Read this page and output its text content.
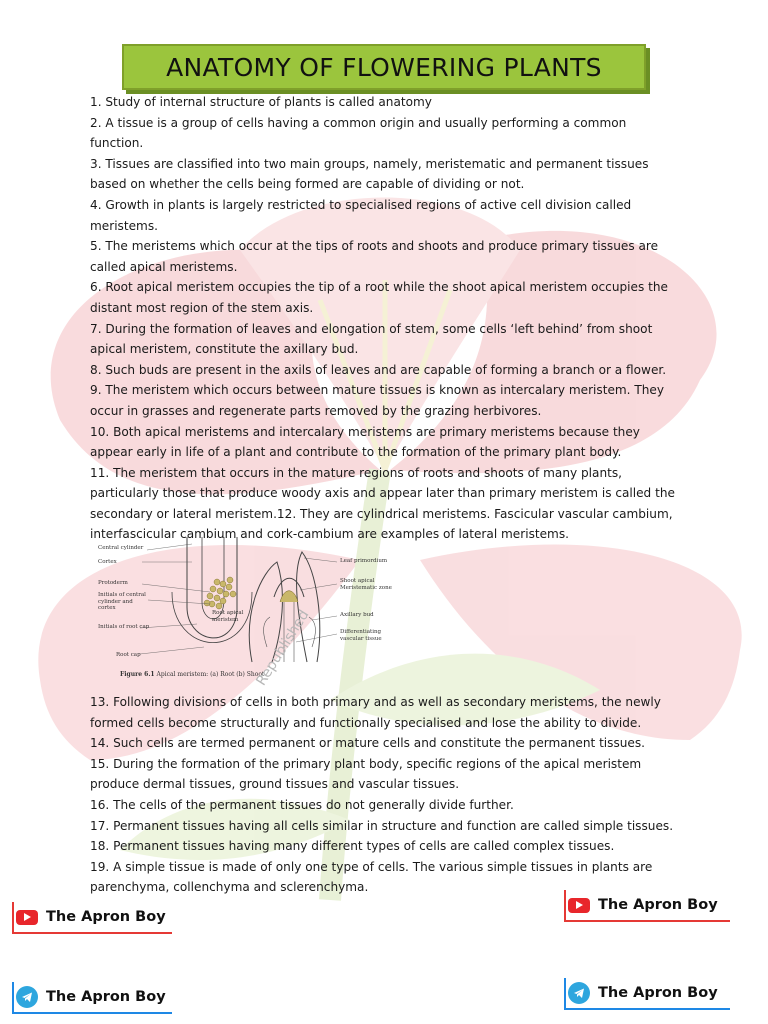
ANATOMY OF FLOWERING PLANTS

1. Study of internal structure of plants is called anatomy

2. A tissue is a group of cells having a common origin and usually performing a common function.

3. Tissues are classified into two main groups, namely, meristematic and permanent tissues based on whether the cells being formed are capable of dividing or not.

4. Growth in plants is largely restricted to specialised regions of active cell division called meristems.

5. The meristems which occur at the tips of roots and shoots and produce primary tissues are called apical meristems.

6. Root apical meristem occupies the tip of a root while the shoot apical meristem occupies the distant most region of the stem axis.

7. During the formation of leaves and elongation of stem, some cells ‘left behind’ from shoot apical meristem, constitute the axillary bud.

8. Such buds are present in the axils of leaves and are capable of forming a branch or a flower.

9. The meristem which occurs between mature tissues is known as intercalary meristem. They occur in grasses and regenerate parts removed by the grazing herbivores.

10. Both apical meristems and intercalary meristems are primary meristems because they appear early in life of a plant and contribute to the formation of the primary plant body.

11. The meristem that occurs in the mature regions of roots and shoots of many plants, particularly those that produce woody axis and appear later than primary meristem is called the secondary or lateral meristem.12. They are cylindrical meristems. Fascicular vascular cambium, interfascicular cambium and cork-cambium are examples of lateral meristems.

Central cylinder
Cortex
Protoderm
Initials of central cylinder and cortex
Initials of root cap
Root cap
Root apical meristem
Leaf primordium
Shoot apical Meristematic zone
Axillary bud
Differentiating vascular tissue
Figure 6.1 Apical meristem: (a) Root (b) Shoot
Republished

13. Following divisions of cells in both primary and as well as secondary meristems, the newly formed cells become structurally and functionally specialised and lose the ability to divide.

14. Such cells are termed permanent or mature cells and constitute the permanent tissues.

15. During the formation of the primary plant body, specific regions of the apical meristem produce dermal tissues, ground tissues and vascular tissues.

16. The cells of the permanent tissues do not generally divide further.

17. Permanent tissues having all cells similar in structure and function are called simple tissues.

18. Permanent tissues having many different types of cells are called complex tissues.

19. A simple tissue is made of only one type of cells. The various simple tissues in plants are parenchyma, collenchyma and sclerenchyma.

The Apron Boy
The Apron Boy
The Apron Boy	The Apron Boy
